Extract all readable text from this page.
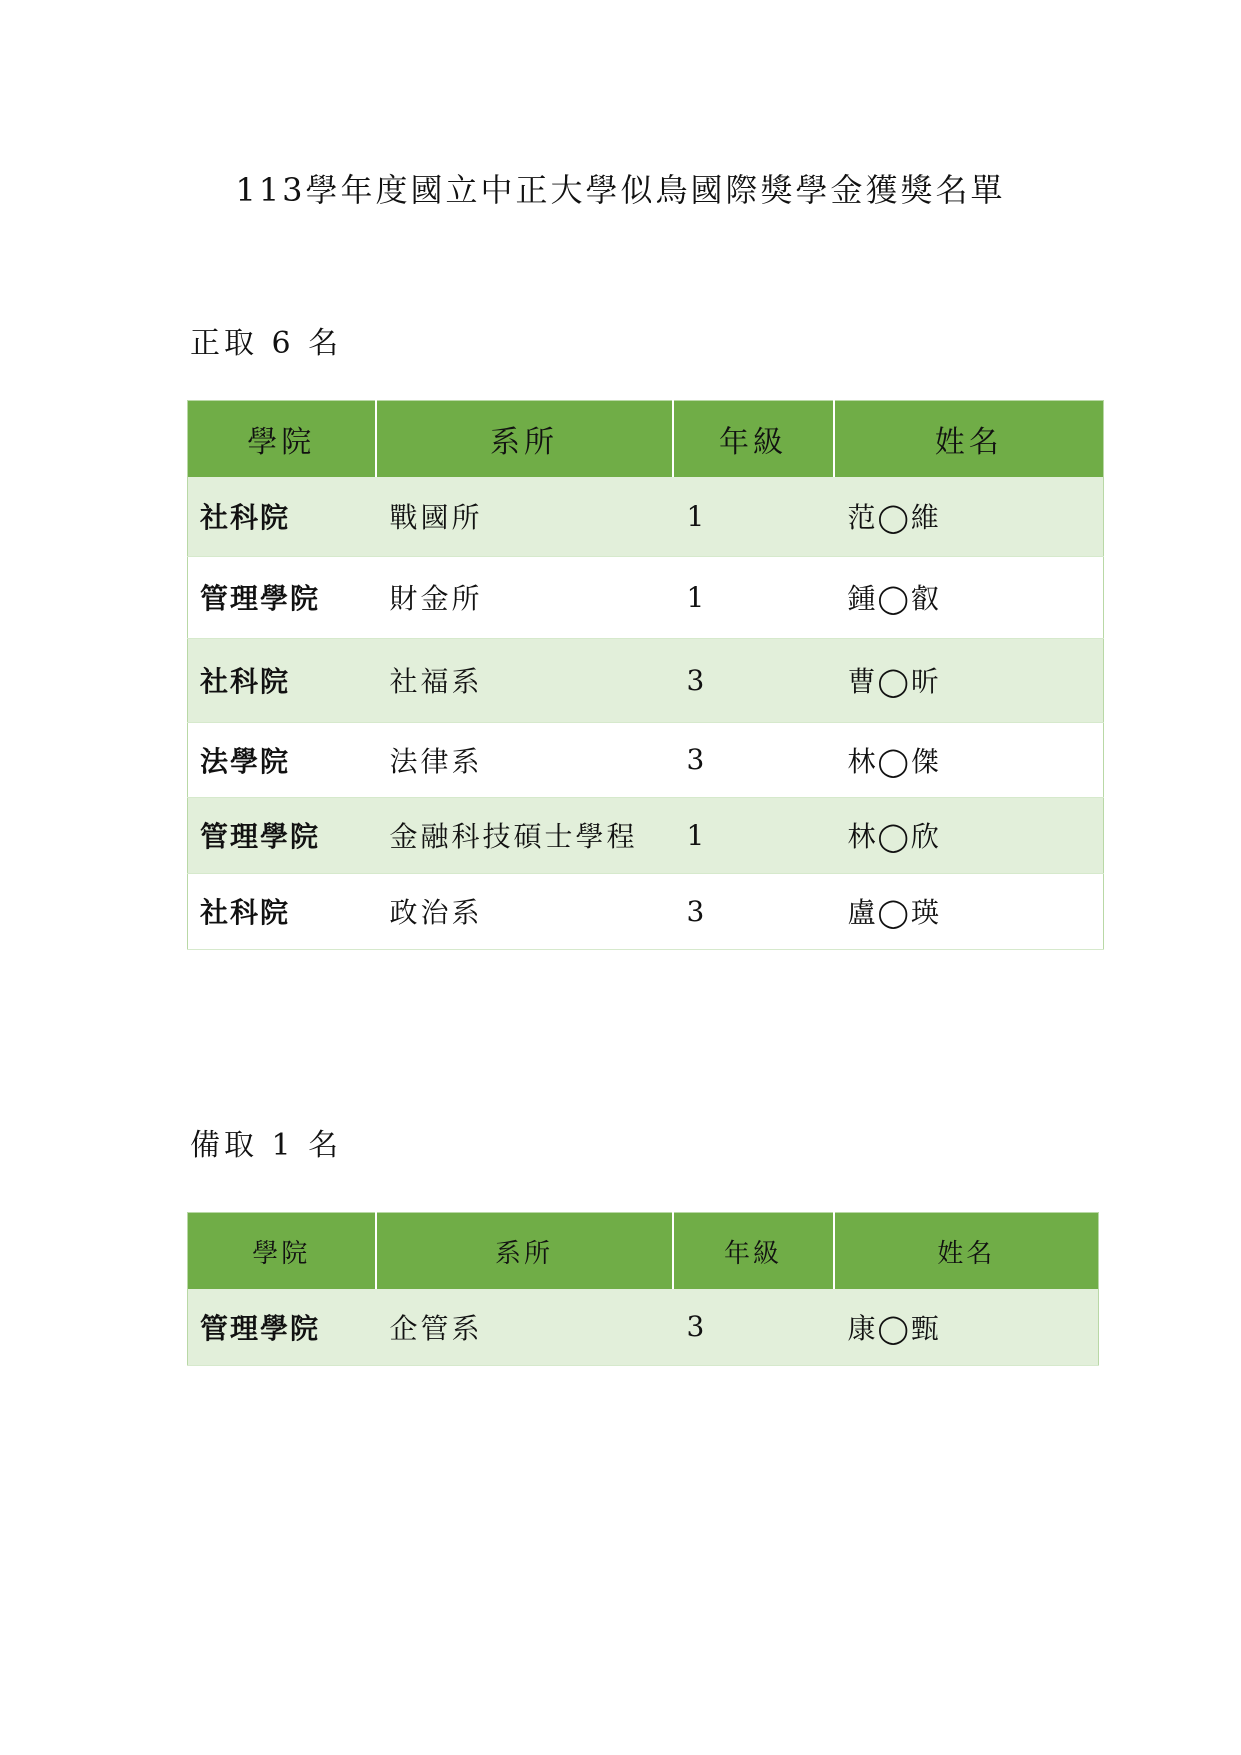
113學年度國立中正大學似鳥國際獎學金獲獎名單
正取 6 名
學院	系所	年級	姓名
社科院	戰國所	1	范◯維
管理學院	財金所	1	鍾◯叡
社科院	社福系	3	曹◯昕
法學院	法律系	3	林◯傑
管理學院	金融科技碩士學程	1	林◯欣
社科院	政治系	3	盧◯瑛
備取 1 名
學院	系所	年級	姓名
管理學院	企管系	3	康◯甄
